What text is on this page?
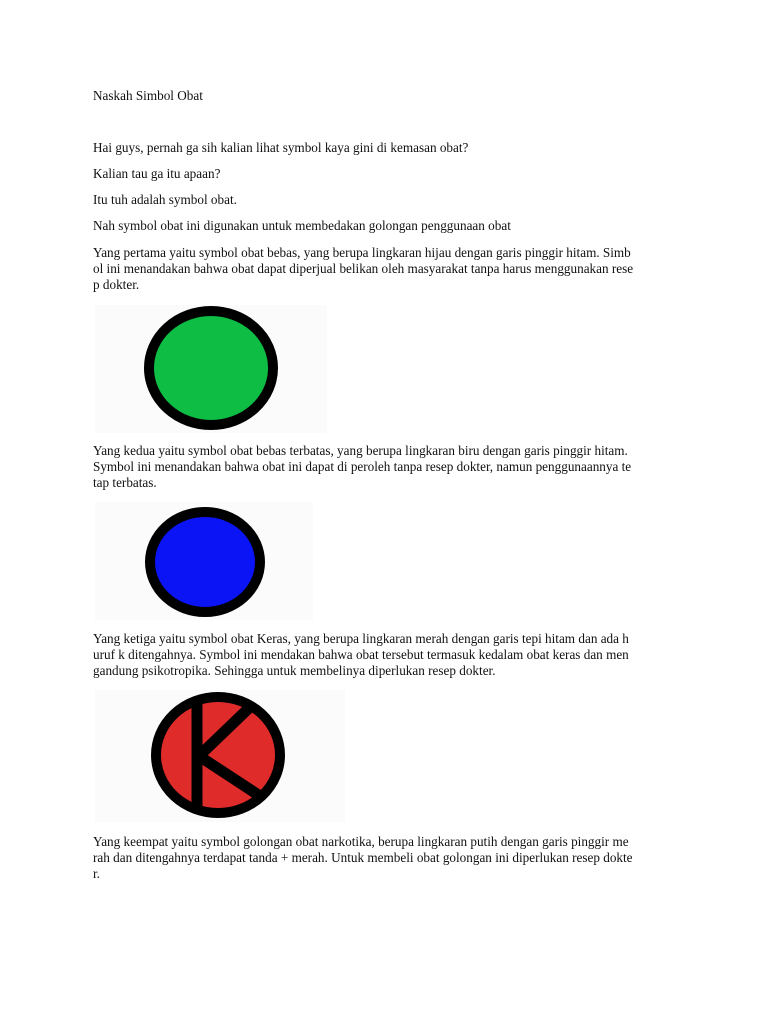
Naskah Simbol Obat

Hai guys, pernah ga sih kalian lihat symbol kaya gini di kemasan obat?

Kalian tau ga itu apaan?

Itu tuh adalah symbol obat.

Nah symbol obat ini digunakan untuk membedakan golongan penggunaan obat

Yang pertama yaitu symbol obat bebas, yang berupa lingkaran hijau dengan garis pinggir hitam. Simb
ol ini menandakan bahwa obat dapat diperjual belikan oleh masyarakat tanpa harus menggunakan rese
p dokter.
Yang kedua yaitu symbol obat bebas terbatas, yang berupa lingkaran biru dengan garis pinggir hitam.
Symbol ini menandakan bahwa obat ini dapat di peroleh tanpa resep dokter, namun penggunaannya te
tap terbatas.
Yang ketiga yaitu symbol obat Keras, yang berupa lingkaran merah dengan garis tepi hitam dan ada h
uruf k ditengahnya. Symbol ini mendakan bahwa obat tersebut termasuk kedalam obat keras dan men
gandung psikotropika. Sehingga untuk membelinya diperlukan resep dokter.
Yang keempat yaitu symbol golongan obat narkotika, berupa lingkaran putih dengan garis pinggir me
rah dan ditengahnya terdapat tanda + merah. Untuk membeli obat golongan ini diperlukan resep dokte
r.
